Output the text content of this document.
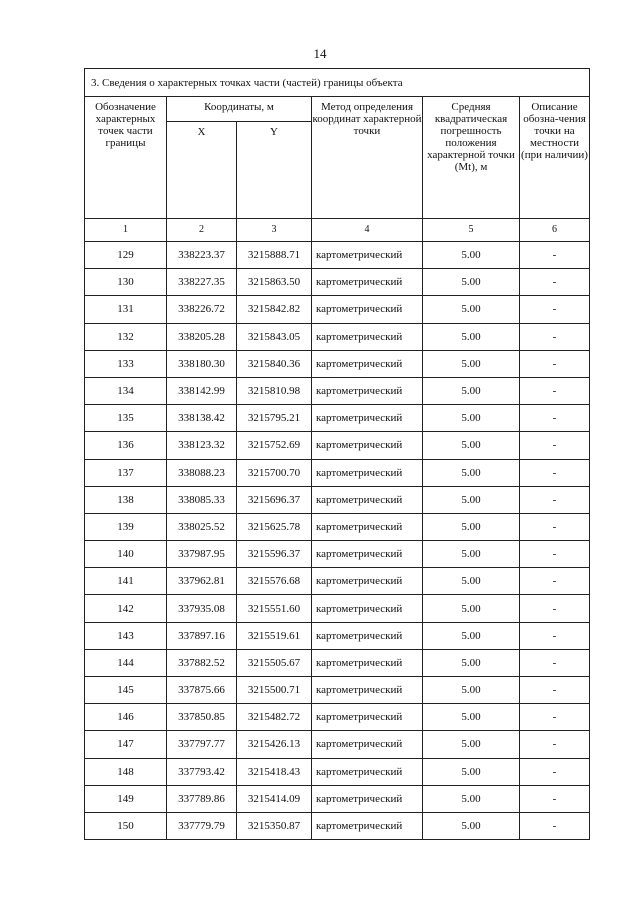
14
3. Сведения о характерных точках части (частей) границы объекта					
Обозначение характерных точек части границы	Координаты, м		Метод определения координат характерной точки	Средняя квадратическая погрешность положения характерной точки (Mt), м	Описание обозна-чения точки на местности (при наличии)
	X	Y			
1	2	3	4	5	6
129	338223.37	3215888.71	картометрический	5.00	-
130	338227.35	3215863.50	картометрический	5.00	-
131	338226.72	3215842.82	картометрический	5.00	-
132	338205.28	3215843.05	картометрический	5.00	-
133	338180.30	3215840.36	картометрический	5.00	-
134	338142.99	3215810.98	картометрический	5.00	-
135	338138.42	3215795.21	картометрический	5.00	-
136	338123.32	3215752.69	картометрический	5.00	-
137	338088.23	3215700.70	картометрический	5.00	-
138	338085.33	3215696.37	картометрический	5.00	-
139	338025.52	3215625.78	картометрический	5.00	-
140	337987.95	3215596.37	картометрический	5.00	-
141	337962.81	3215576.68	картометрический	5.00	-
142	337935.08	3215551.60	картометрический	5.00	-
143	337897.16	3215519.61	картометрический	5.00	-
144	337882.52	3215505.67	картометрический	5.00	-
145	337875.66	3215500.71	картометрический	5.00	-
146	337850.85	3215482.72	картометрический	5.00	-
147	337797.77	3215426.13	картометрический	5.00	-
148	337793.42	3215418.43	картометрический	5.00	-
149	337789.86	3215414.09	картометрический	5.00	-
150	337779.79	3215350.87	картометрический	5.00	-
